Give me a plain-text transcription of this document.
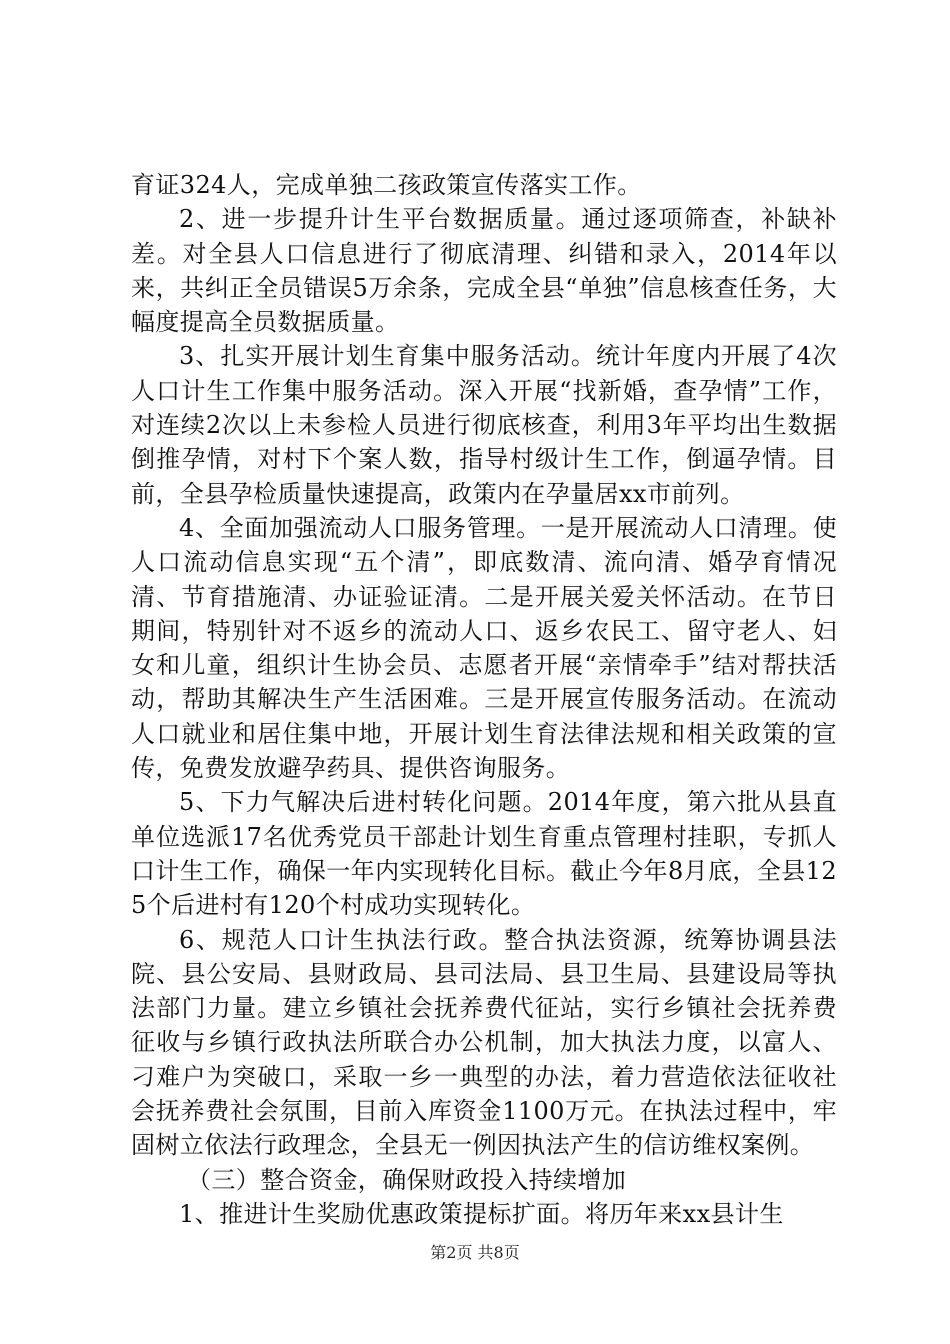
育证324人，完成单独二孩政策宣传落实工作。

2、进一步提升计生平台数据质量。通过逐项筛查，补缺补差。对全县人口信息进行了彻底清理、纠错和录入，2014年以来，共纠正全员错误5万余条，完成全县“单独”信息核查任务，大幅度提高全员数据质量。

3、扎实开展计划生育集中服务活动。统计年度内开展了4次人口计生工作集中服务活动。深入开展“找新婚，查孕情”工作，对连续2次以上未参检人员进行彻底核查，利用3年平均出生数据倒推孕情，对村下个案人数，指导村级计生工作，倒逼孕情。目前，全县孕检质量快速提高，政策内在孕量居xx市前列。

4、全面加强流动人口服务管理。一是开展流动人口清理。使人口流动信息实现“五个清”，即底数清、流向清、婚孕育情况清、节育措施清、办证验证清。二是开展关爱关怀活动。在节日期间，特别针对不返乡的流动人口、返乡农民工、留守老人、妇女和儿童，组织计生协会员、志愿者开展“亲情牵手”结对帮扶活动，帮助其解决生产生活困难。三是开展宣传服务活动。在流动人口就业和居住集中地，开展计划生育法律法规和相关政策的宣传，免费发放避孕药具、提供咨询服务。

5、下力气解决后进村转化问题。2014年度，第六批从县直单位选派17名优秀党员干部赴计划生育重点管理村挂职，专抓人口计生工作，确保一年内实现转化目标。截止今年8月底，全县125个后进村有120个村成功实现转化。

6、规范人口计生执法行政。整合执法资源，统筹协调县法院、县公安局、县财政局、县司法局、县卫生局、县建设局等执法部门力量。建立乡镇社会抚养费代征站，实行乡镇社会抚养费征收与乡镇行政执法所联合办公机制，加大执法力度，以富人、刁难户为突破口，采取一乡一典型的办法，着力营造依法征收社会抚养费社会氛围，目前入库资金1100万元。在执法过程中，牢固树立依法行政理念，全县无一例因执法产生的信访维权案例。

（三）整合资金，确保财政投入持续增加

1、推进计生奖励优惠政策提标扩面。将历年来xx县计生

第2页 共8页
